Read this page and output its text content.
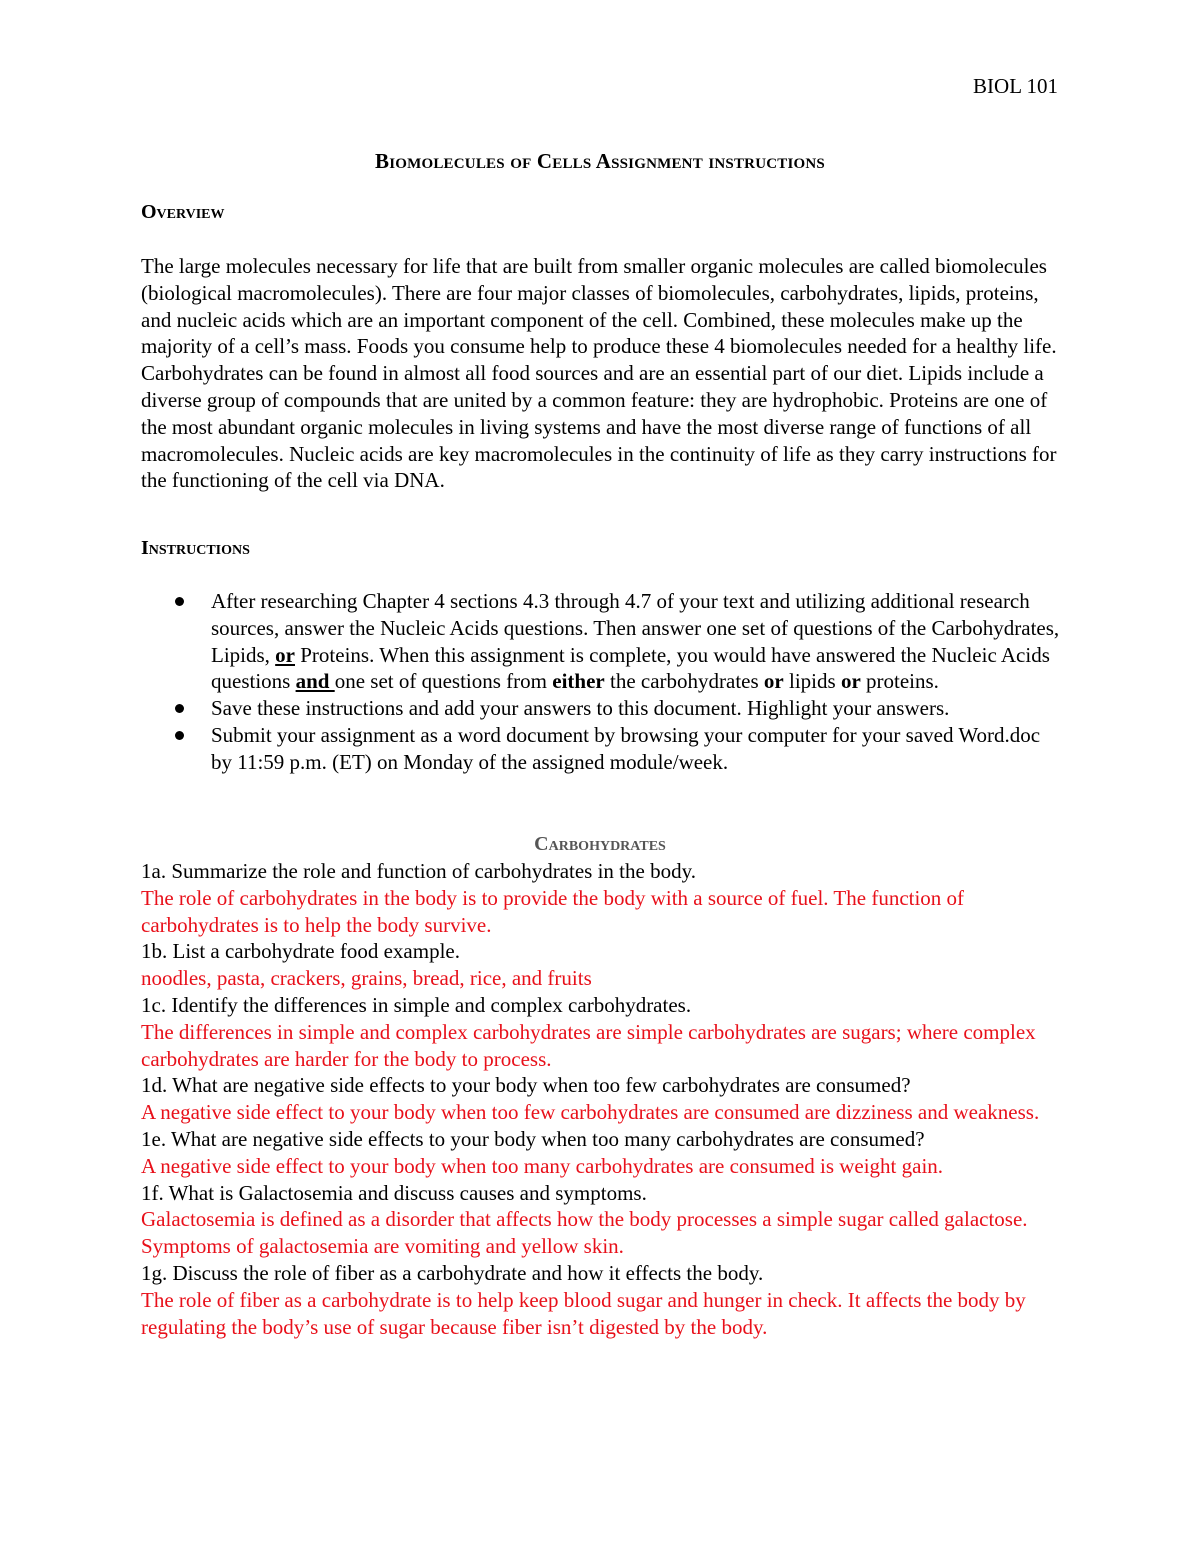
BIOL 101
Biomolecules of Cells Assignment instructions
Overview

The large molecules necessary for life that are built from smaller organic molecules are called biomolecules (biological macromolecules). There are four major classes of biomolecules, carbohydrates, lipids, proteins, and nucleic acids which are an important component of the cell. Combined, these molecules make up the majority of a cell’s mass. Foods you consume help to produce these 4 biomolecules needed for a healthy life. Carbohydrates can be found in almost all food sources and are an essential part of our diet. Lipids include a diverse group of compounds that are united by a common feature: they are hydrophobic. Proteins are one of the most abundant organic molecules in living systems and have the most diverse range of functions of all macromolecules. Nucleic acids are key macromolecules in the continuity of life as they carry instructions for the functioning of the cell via DNA.

Instructions
After researching Chapter 4 sections 4.3 through 4.7 of your text and utilizing additional research sources, answer the Nucleic Acids questions. Then answer one set of questions of the Carbohydrates, Lipids, or Proteins. When this assignment is complete, you would have answered the Nucleic Acids questions and one set of questions from either the carbohydrates or lipids or proteins.
Save these instructions and add your answers to this document. Highlight your answers.
Submit your assignment as a word document by browsing your computer for your saved Word.doc by 11:59 p.m. (ET) on Monday of the assigned module/week.
Carbohydrates

1a. Summarize the role and function of carbohydrates in the body.

The role of carbohydrates in the body is to provide the body with a source of fuel. The function of carbohydrates is to help the body survive.

1b. List a carbohydrate food example.

noodles, pasta, crackers, grains, bread, rice, and fruits

1c. Identify the differences in simple and complex carbohydrates.

The differences in simple and complex carbohydrates are simple carbohydrates are sugars; where complex carbohydrates are harder for the body to process.

1d. What are negative side effects to your body when too few carbohydrates are consumed?

A negative side effect to your body when too few carbohydrates are consumed are dizziness and weakness.

1e. What are negative side effects to your body when too many carbohydrates are consumed?

A negative side effect to your body when too many carbohydrates are consumed is weight gain.

1f. What is Galactosemia and discuss causes and symptoms.

Galactosemia is defined as a disorder that affects how the body processes a simple sugar called galactose. Symptoms of galactosemia are vomiting and yellow skin.

1g. Discuss the role of fiber as a carbohydrate and how it effects the body.

The role of fiber as a carbohydrate is to help keep blood sugar and hunger in check. It affects the body by regulating the body’s use of sugar because fiber isn’t digested by the body.
